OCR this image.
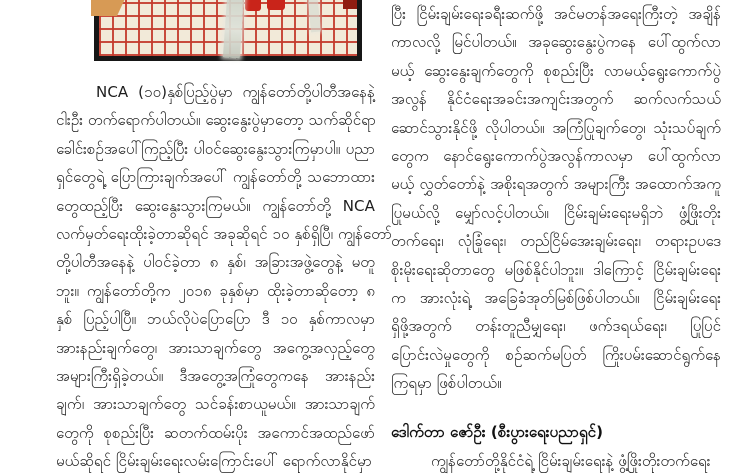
NCA (၁၀)နှစ်ပြည့်ပွဲမှာ ကျွန်တော်တို့ပါတီအနေနဲ့
ငါးဦး တက်ရောက်ပါတယ်။ ဆွေးနွေးပွဲမှာတော့ သက်ဆိုင်ရာ
ခေါင်းစဉ်အပေါ်ကြည့်ပြီး ပါဝင်ဆွေးနွေးသွားကြမှာပါ။ ပညာ
ရှင်တွေရဲ့ ပြောကြားချက်အပေါ် ကျွန်တော်တို့ သဘောထား
တွေထည့်ပြီး ဆွေးနွေးသွားကြမယ်။ ကျွန်တော်တို့ NCA
လက်မှတ်ရေးထိုးခဲ့တာဆိုရင် အခုဆိုရင် ၁၀ နှစ်ရှိပြီ၊ ကျွန်တော်
တို့ပါတီအနေနဲ့ ပါဝင်ခဲ့တာ ၈ နှစ်၊ အခြားအဖွဲ့တွေနဲ့ မတူ
ဘူး။ ကျွန်တော်တို့က ၂၀၁၈ ခုနှစ်မှာ ထိုးခဲ့တာဆိုတော့ ၈
နှစ် ပြည့်ပါပြီ။ ဘယ်လိုပဲပြောပြော ဒီ ၁၀ နှစ်ကာလမှာ
အားနည်းချက်တွေ၊ အားသာချက်တွေ အကွေ့အလှည့်တွေ
အများကြီးရှိခဲ့တယ်။ ဒီအတွေ့အကြုံတွေကနေ အားနည်း
ချက်၊ အားသာချက်တွေ သင်ခန်းစာယူမယ်။ အားသာချက်
တွေကို စုစည်းပြီး ဆတက်ထမ်းပိုး အကောင်အထည်ဖော်
မယ်ဆိုရင် ငြိမ်းချမ်းရေးလမ်းကြောင်းပေါ် ရောက်လာနိုင်မှာ
ပြီး ငြိမ်းချမ်းရေးခရီးဆက်ဖို့ အင်မတန်အရေးကြီးတဲ့ အချိန်
ကာလလို့ မြင်ပါတယ်။ အခုဆွေးနွေးပွဲကနေ ပေါ်ထွက်လာ
မယ့် ဆွေးနွေးချက်တွေကို စုစည်းပြီး လာမယ့်ရွေးကောက်ပွဲ
အလွန် နိုင်ငံရေးအခင်းအကျင်းအတွက် ဆက်လက်သယ်
ဆောင်သွားနိုင်ဖို့ လိုပါတယ်။ အကြံပြုချက်တွေ၊ သုံးသပ်ချက်
တွေက နောင်ရွေးကောက်ပွဲအလွန်ကာလမှာ ပေါ်ထွက်လာ
မယ့် လွှတ်တော်နဲ့ အစိုးရအတွက် အများကြီး အထောက်အကူ
ပြုမယ်လို့ မျှော်လင့်ပါတယ်။ ငြိမ်းချမ်းရေးမရှိဘဲ ဖွံ့ဖြိုးတိုး
တက်ရေး၊ လုံခြုံရေး၊ တည်ငြိမ်အေးချမ်းရေး၊ တရားဥပဒေ
စိုးမိုးရေးဆိုတာတွေ မဖြစ်နိုင်ပါဘူး။ ဒါကြောင့် ငြိမ်းချမ်းရေး
က အားလုံးရဲ့ အခြေခံအုတ်မြစ်ဖြစ်ပါတယ်။ ငြိမ်းချမ်းရေး
ရှိဖို့အတွက် တန်းတူညီမျှရေး၊ ဖက်ဒရယ်ရေး၊ ပြုပြင်
ပြောင်းလဲမှုတွေကို စဉ်ဆက်မပြတ် ကြိုးပမ်းဆောင်ရွက်နေ
ကြရမှာ ဖြစ်ပါတယ်။
ဒေါက်တာ ဇော်ဦး (စီးပွားရေးပညာရှင်)
ကျွန်တော်တို့နိုင်ငံရဲ့ ငြိမ်းချမ်းရေးနဲ့ ဖွံ့ဖြိုးတိုးတက်ရေး
